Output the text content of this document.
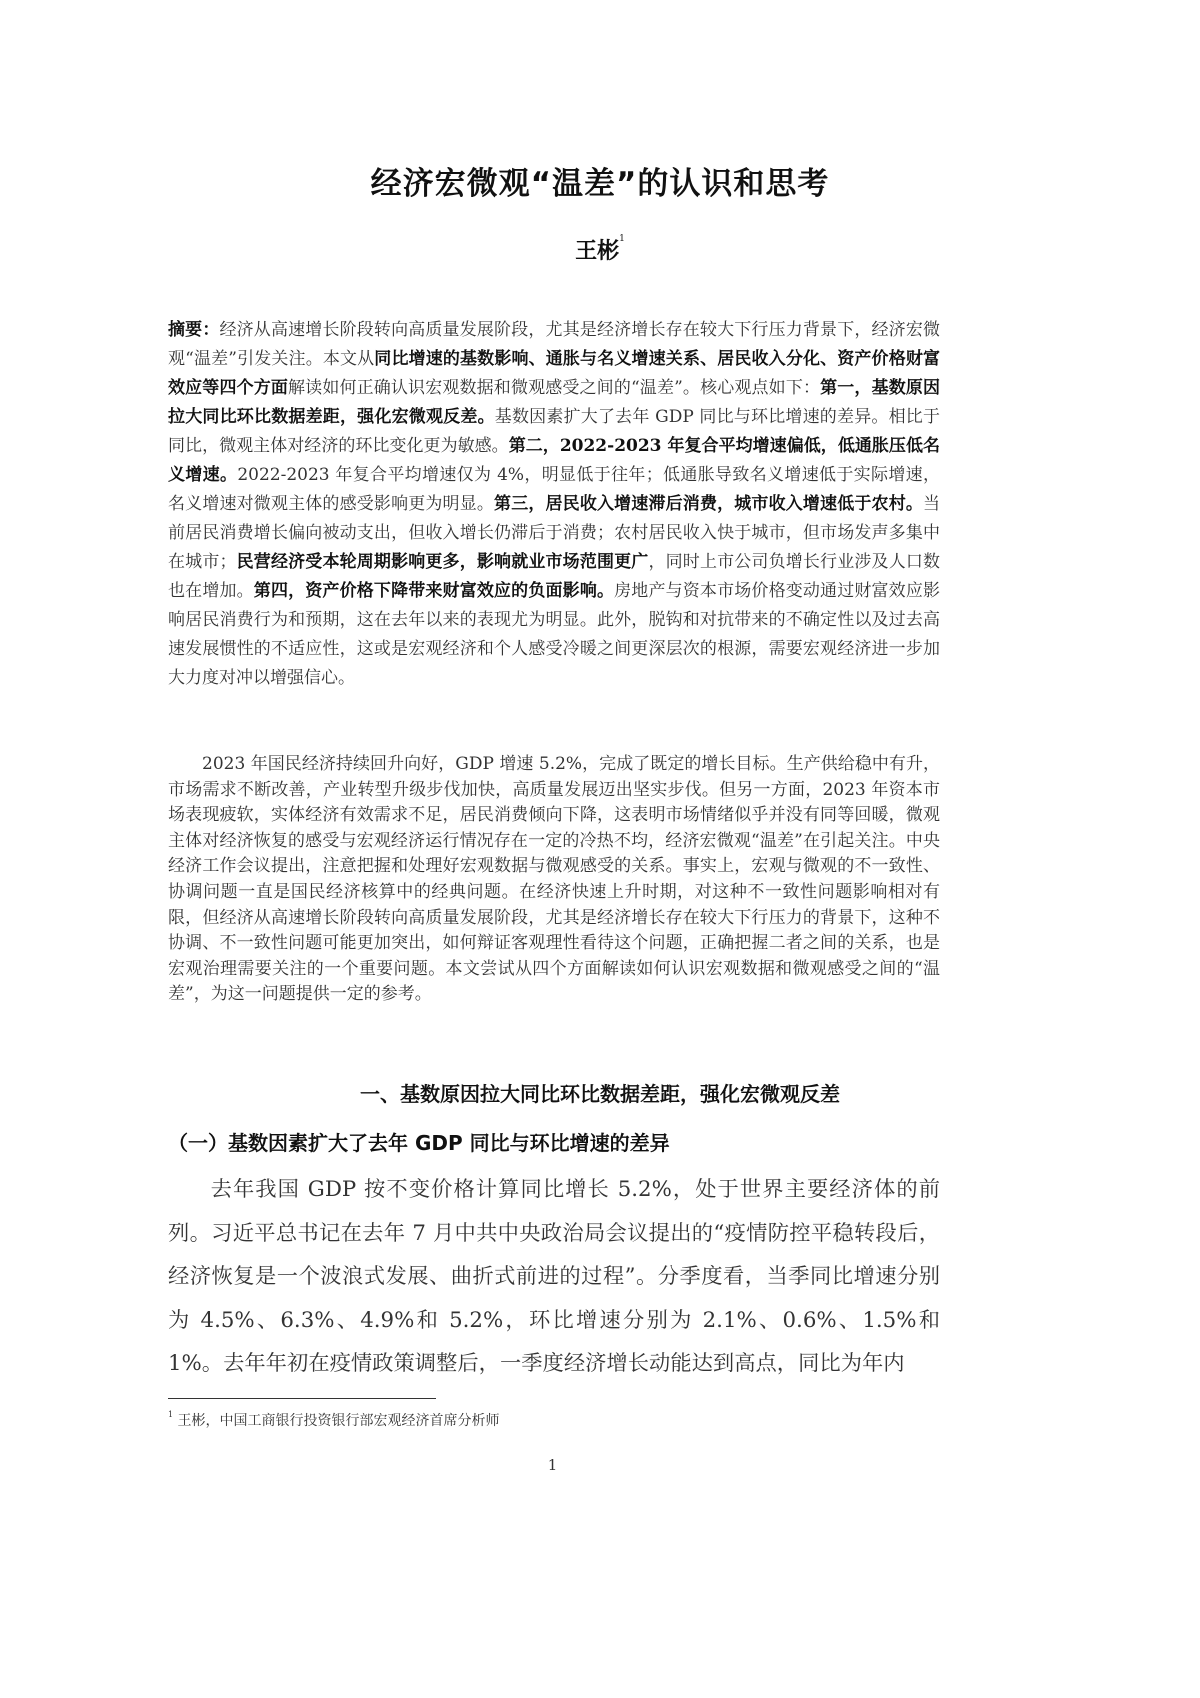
经济宏微观“温差”的认识和思考
王彬$^1$
摘要：经济从高速增长阶段转向高质量发展阶段，尤其是经济增长存在较大下行压力背景下，经济宏微观“温差”引发关注。本文从同比增速的基数影响、通胀与名义增速关系、居民收入分化、资产价格财富效应等四个方面解读如何正确认识宏观数据和微观感受之间的“温差”。核心观点如下：第一，基数原因拉大同比环比数据差距，强化宏微观反差。基数因素扩大了去年 GDP 同比与环比增速的差异。相比于同比，微观主体对经济的环比变化更为敏感。第二，2022-2023 年复合平均增速偏低，低通胀压低名义增速。2022-2023 年复合平均增速仅为 4%，明显低于往年；低通胀导致名义增速低于实际增速，名义增速对微观主体的感受影响更为明显。第三，居民收入增速滞后消费，城市收入增速低于农村。当前居民消费增长偏向被动支出，但收入增长仍滞后于消费；农村居民收入快于城市，但市场发声多集中在城市；民营经济受本轮周期影响更多，影响就业市场范围更广，同时上市公司负增长行业涉及人口数也在增加。第四，资产价格下降带来财富效应的负面影响。房地产与资本市场价格变动通过财富效应影响居民消费行为和预期，这在去年以来的表现尤为明显。此外，脱钩和对抗带来的不确定性以及过去高速发展惯性的不适应性，这或是宏观经济和个人感受冷暖之间更深层次的根源，需要宏观经济进一步加大力度对冲以增强信心。
2023 年国民经济持续回升向好，GDP 增速 5.2%，完成了既定的增长目标。生产供给稳中有升，市场需求不断改善，产业转型升级步伐加快，高质量发展迈出坚实步伐。但另一方面，2023 年资本市场表现疲软，实体经济有效需求不足，居民消费倾向下降，这表明市场情绪似乎并没有同等回暖，微观主体对经济恢复的感受与宏观经济运行情况存在一定的冷热不均，经济宏微观“温差”在引起关注。中央经济工作会议提出，注意把握和处理好宏观数据与微观感受的关系。事实上，宏观与微观的不一致性、协调问题一直是国民经济核算中的经典问题。在经济快速上升时期，对这种不一致性问题影响相对有限，但经济从高速增长阶段转向高质量发展阶段，尤其是经济增长存在较大下行压力的背景下，这种不协调、不一致性问题可能更加突出，如何辩证客观理性看待这个问题，正确把握二者之间的关系，也是宏观治理需要关注的一个重要问题。本文尝试从四个方面解读如何认识宏观数据和微观感受之间的“温差”，为这一问题提供一定的参考。
一、基数原因拉大同比环比数据差距，强化宏微观反差
（一）基数因素扩大了去年 GDP 同比与环比增速的差异
去年我国 GDP 按不变价格计算同比增长 5.2%，处于世界主要经济体的前列。习近平总书记在去年 7 月中共中央政治局会议提出的“疫情防控平稳转段后，经济恢复是一个波浪式发展、曲折式前进的过程”。分季度看，当季同比增速分别为 4.5%、6.3%、4.9%和 5.2%，环比增速分别为 2.1%、0.6%、1.5%和 1%。去年年初在疫情政策调整后，一季度经济增长动能达到高点，同比为年内
$^1$ 王彬，中国工商银行投资银行部宏观经济首席分析师
1
